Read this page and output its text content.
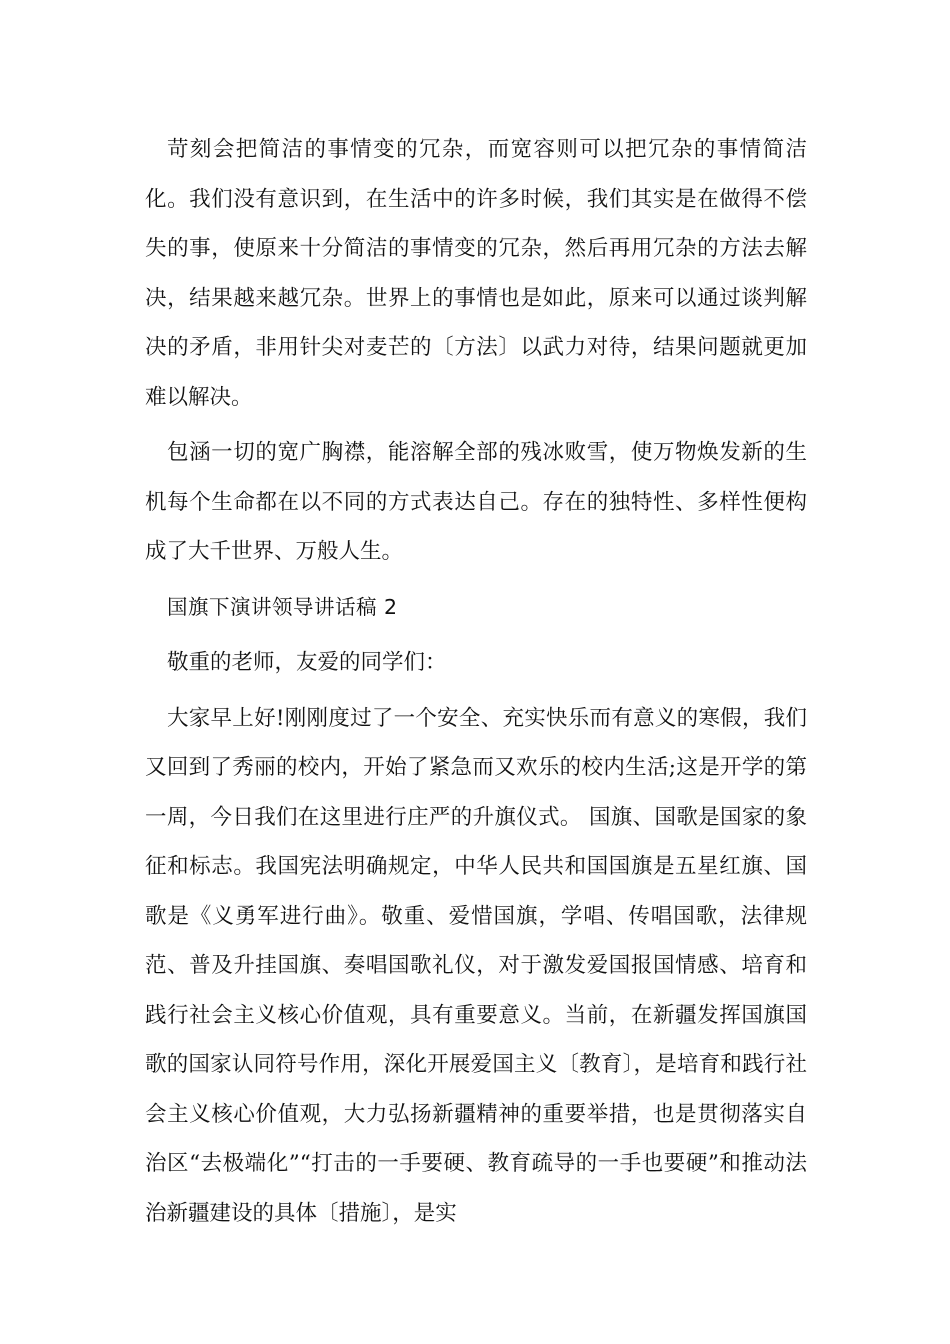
苛刻会把简洁的事情变的冗杂，而宽容则可以把冗杂的事情简洁化。我们没有意识到，在生活中的许多时候，我们其实是在做得不偿失的事，使原来十分简洁的事情变的冗杂，然后再用冗杂的方法去解决，结果越来越冗杂。世界上的事情也是如此，原来可以通过谈判解决的矛盾，非用针尖对麦芒的〔方法〕以武力对待，结果问题就更加难以解决。

包涵一切的宽广胸襟，能溶解全部的残冰败雪，使万物焕发新的生机每个生命都在以不同的方式表达自己。存在的独特性、多样性便构成了大千世界、万般人生。

国旗下演讲领导讲话稿 2

敬重的老师，友爱的同学们：

大家早上好!刚刚度过了一个安全、充实快乐而有意义的寒假，我们又回到了秀丽的校内，开始了紧急而又欢乐的校内生活;这是开学的第一周，今日我们在这里进行庄严的升旗仪式。 国旗、国歌是国家的象征和标志。我国宪法明确规定，中华人民共和国国旗是五星红旗、国歌是《义勇军进行曲》。敬重、爱惜国旗，学唱、传唱国歌，法律规范、普及升挂国旗、奏唱国歌礼仪，对于激发爱国报国情感、培育和践行社会主义核心价值观，具有重要意义。当前，在新疆发挥国旗国歌的国家认同符号作用，深化开展爱国主义〔教育〕，是培育和践行社会主义核心价值观，大力弘扬新疆精神的重要举措，也是贯彻落实自治区“去极端化”“打击的一手要硬、教育疏导的一手也要硬”和推动法治新疆建设的具体〔措施〕，是实
